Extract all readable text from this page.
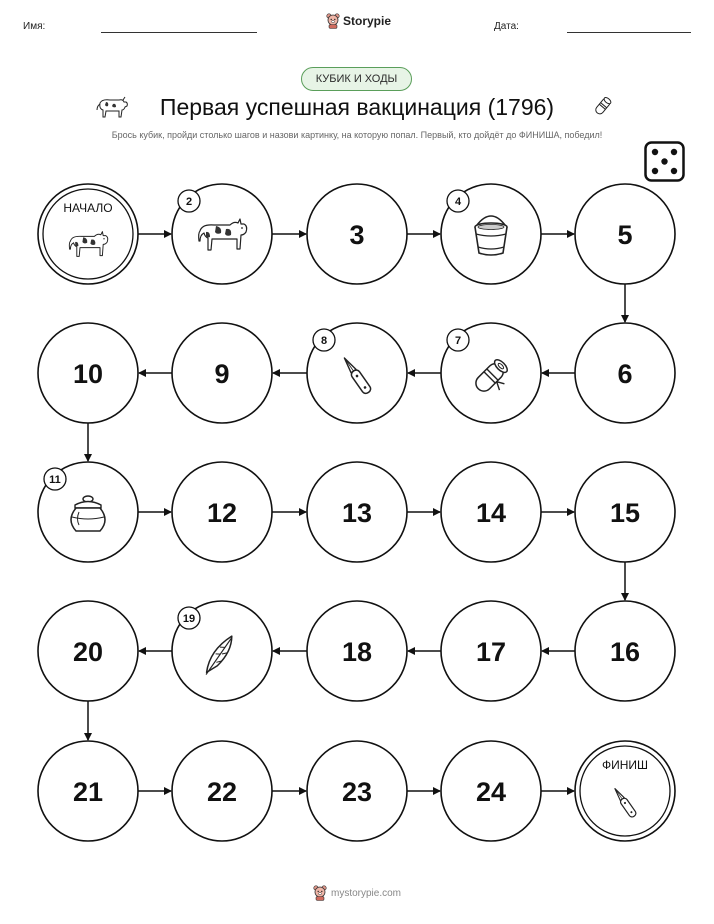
Имя:	Storypie	Дата:
КУБИК И ХОДЫ
Первая успешная вакцинация (1796)
Брось кубик, пройди столько шагов и назови картинку, на которую попал. Первый, кто дойдёт до ФИНИША, победил!
НАЧАЛО	2
3
4
5
6
7
8
9
10
11
12	13	14	15
16
17
18
19
20
21	22	23	24
ФИНИШ
mystorypie.com
